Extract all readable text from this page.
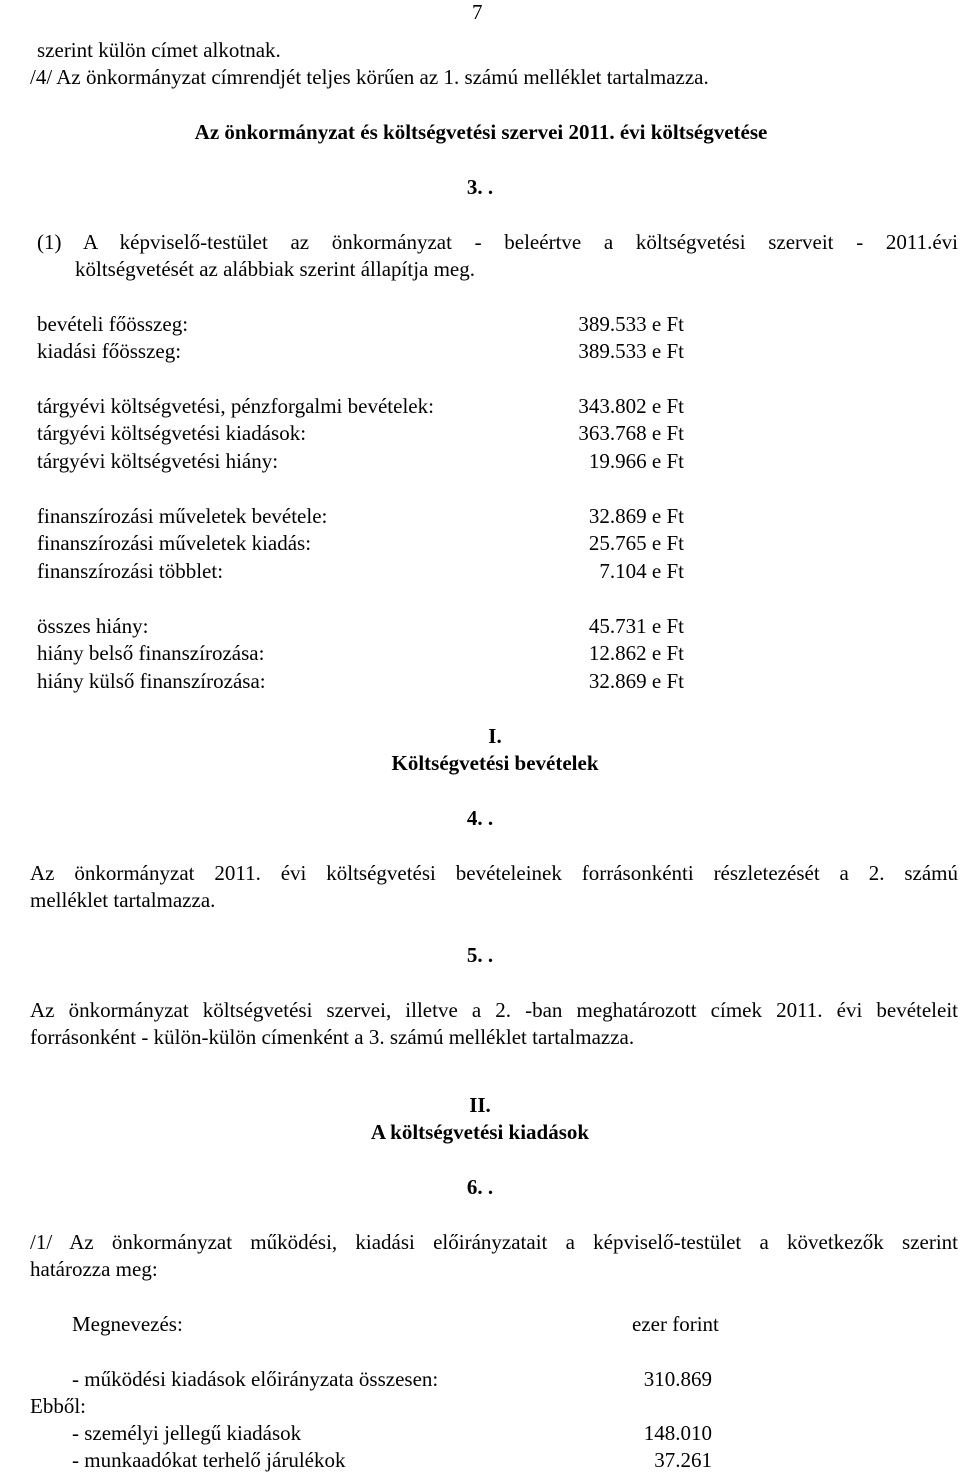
7
szerint külön címet alkotnak.
/4/ Az önkormányzat címrendjét teljes körűen az 1. számú melléklet tartalmazza.
Az önkormányzat és költségvetési szervei 2011. évi költségvetése
3. .
(1) A képviselő-testület az önkormányzat - beleértve a költségvetési szerveit - 2011.évi
költségvetését az alábbiak szerint állapítja meg.
bevételi főösszeg:	389.533 e Ft
kiadási főösszeg:	389.533 e Ft
tárgyévi költségvetési, pénzforgalmi bevételek:	343.802 e Ft
tárgyévi költségvetési kiadások:	363.768 e Ft
tárgyévi költségvetési hiány:	19.966 e Ft
finanszírozási műveletek bevétele:	32.869 e Ft
finanszírozási műveletek kiadás:	25.765 e Ft
finanszírozási többlet:	7.104 e Ft
összes hiány:	45.731 e Ft
hiány belső finanszírozása:	12.862 e Ft
hiány külső finanszírozása:	32.869 e Ft
I.
Költségvetési bevételek
4. .
Az önkormányzat 2011. évi költségvetési bevételeinek forrásonkénti részletezését a 2. számú
melléklet tartalmazza.
5. .
Az önkormányzat költségvetési szervei, illetve a 2. -ban meghatározott címek 2011. évi bevételeit
forrásonként - külön-külön címenként a 3. számú melléklet tartalmazza.
II.
A költségvetési kiadások
6. .
/1/ Az önkormányzat működési, kiadási előirányzatait a képviselő-testület a következők szerint
határozza meg:
Megnevezés:	ezer forint
- működési kiadások előirányzata összesen:	310.869
Ebből:
- személyi jellegű kiadások	148.010
- munkaadókat terhelő járulékok	37.261
